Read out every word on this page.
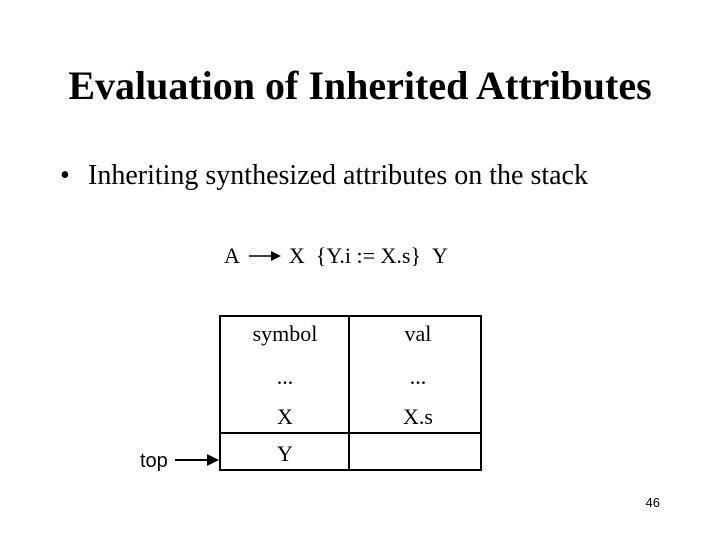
Evaluation of Inherited Attributes
• Inheriting synthesized attributes on the stack
A X {Y.i := X.s} Y
symbol	val
...	...
X	X.s
Y
top
46
